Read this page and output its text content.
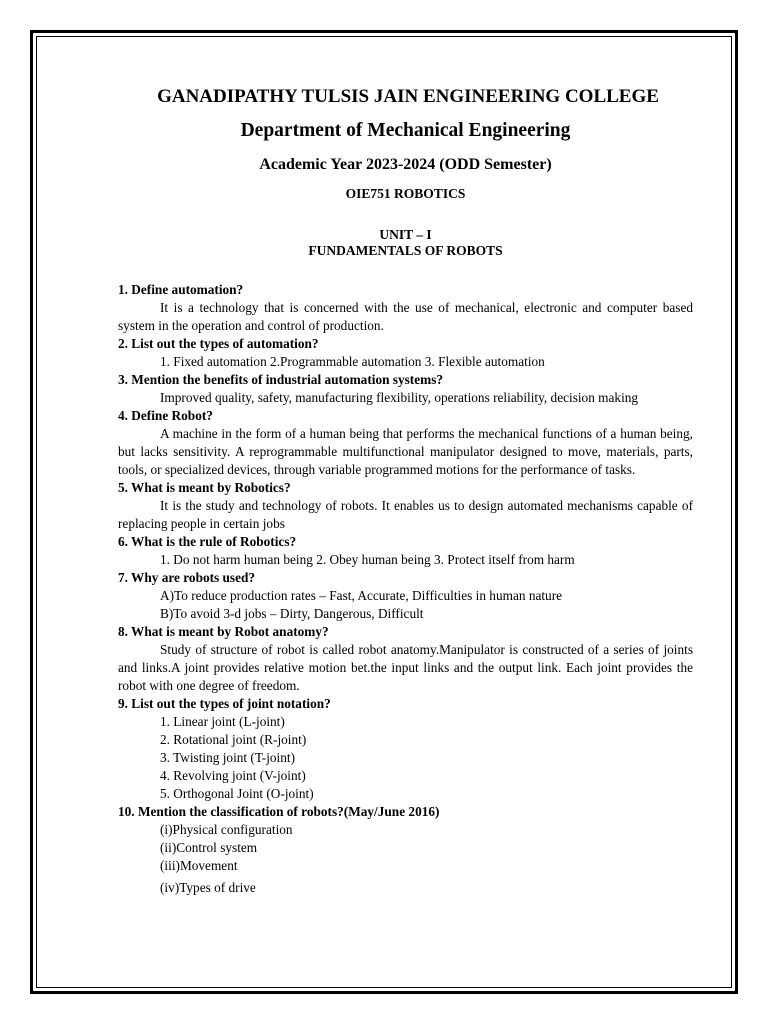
GANADIPATHY TULSIS JAIN ENGINEERING COLLEGE
Department of Mechanical Engineering
Academic Year 2023-2024 (ODD Semester)
OIE751 ROBOTICS
UNIT – I
FUNDAMENTALS OF ROBOTS
1. Define automation?
It is a technology that is concerned with the use of mechanical, electronic and computer based system in the operation and control of production.
2. List out the types of automation?
1. Fixed automation 2.Programmable automation 3. Flexible automation
3. Mention the benefits of industrial automation systems?
Improved quality, safety, manufacturing flexibility, operations reliability, decision making
4. Define Robot?
A machine in the form of a human being that performs the mechanical functions of a human being, but lacks sensitivity. A reprogrammable multifunctional manipulator designed to move, materials, parts, tools, or specialized devices, through variable programmed motions for the performance of tasks.
5. What is meant by Robotics?
It is the study and technology of robots. It enables us to design automated mechanisms capable of replacing people in certain jobs
6. What is the rule of Robotics?
1. Do not harm human being 2. Obey human being 3. Protect itself from harm
7. Why are robots used?
A)To reduce production rates – Fast, Accurate, Difficulties in human nature
B)To avoid 3-d jobs – Dirty, Dangerous, Difficult
8. What is meant by Robot anatomy?
Study of structure of robot is called robot anatomy.Manipulator is constructed of a series of joints and links.A joint provides relative motion bet.the input links and the output link. Each joint provides the robot with one degree of freedom.
9. List out the types of joint notation?
1. Linear joint (L-joint)
2. Rotational joint (R-joint)
3. Twisting joint (T-joint)
4. Revolving joint (V-joint)
5. Orthogonal Joint (O-joint)
10. Mention the classification of robots?(May/June 2016)
(i)Physical configuration
(ii)Control system
(iii)Movement
(iv)Types of drive
